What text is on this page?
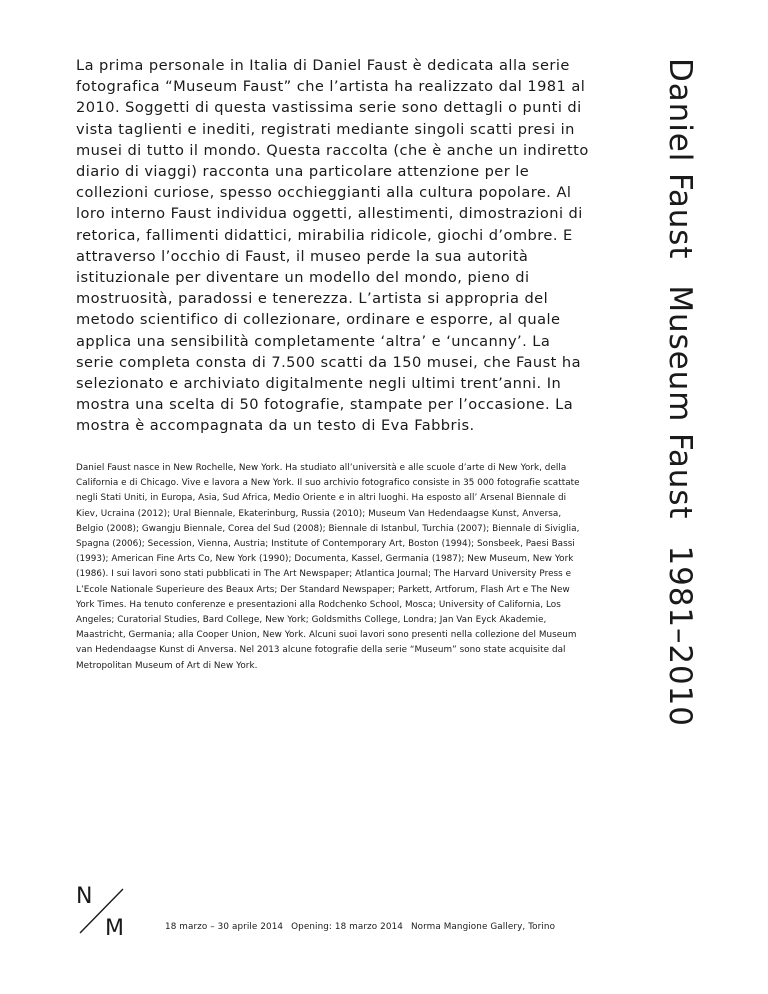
La prima personale in Italia di Daniel Faust è dedicata alla serie fotografica “Museum Faust” che l’artista ha realizzato dal 1981 al 2010. Soggetti di questa vastissima serie sono dettagli o punti di vista taglienti e inediti, registrati mediante singoli scatti presi in musei di tutto il mondo. Questa raccolta (che è anche un indiretto diario di viaggi) racconta una particolare attenzione per le collezioni curiose, spesso occhieggianti alla cultura popolare. Al loro interno Faust individua oggetti, allestimenti, dimostrazioni di retorica, fallimenti didattici, mirabilia ridicole, giochi d’ombre. E attraverso l’occhio di Faust, il museo perde la sua autorità istituzionale per diventare un modello del mondo, pieno di mostruosità, paradossi e tenerezza. L’artista si appropria del metodo scientifico di collezionare, ordinare e esporre, al quale applica una sensibilità completamente ‘altra’ e ‘uncanny’. La serie completa consta di 7.500 scatti da 150 musei, che Faust ha selezionato e archiviato digitalmente negli ultimi trent’anni. In mostra una scelta di 50 fotografie, stampate per l’occasione. La mostra è accompagnata da un testo di Eva Fabbris.

Daniel Faust nasce in New Rochelle, New York. Ha studiato all’università e alle scuole d’arte di New York, della California e di Chicago. Vive e lavora a New York. Il suo archivio fotografico consiste in 35 000 fotografie scattate negli Stati Uniti, in Europa, Asia, Sud Africa, Medio Oriente e in altri luoghi. Ha esposto all’ Arsenal Biennale di Kiev, Ucraina (2012); Ural Biennale, Ekaterinburg, Russia (2010); Museum Van Hedendaagse Kunst, Anversa, Belgio (2008); Gwangju Biennale, Corea del Sud (2008); Biennale di Istanbul, Turchia (2007); Biennale di Siviglia, Spagna (2006); Secession, Vienna, Austria; Institute of Contemporary Art, Boston (1994); Sonsbeek, Paesi Bassi (1993); American Fine Arts Co, New York (1990); Documenta, Kassel, Germania (1987); New Museum, New York (1986). I sui lavori sono stati pubblicati in The Art Newspaper; Atlantica Journal; The Harvard University Press e L’Ecole Nationale Superieure des Beaux Arts; Der Standard Newspaper; Parkett, Artforum, Flash Art e The New York Times. Ha tenuto conferenze e presentazioni alla Rodchenko School, Mosca; University of California, Los Angeles; Curatorial Studies, Bard College, New York; Goldsmiths College, Londra; Jan Van Eyck Akademie, Maastricht, Germania; alla Cooper Union, New York. Alcuni suoi lavori sono presenti nella collezione del Museum van Hedendaagse Kunst di Anversa. Nel 2013 alcune fotografie della serie “Museum” sono state acquisite dal Metropolitan Museum of Art di New York.

Daniel FaustMuseum Faust1981–2010
N
M	18 marzo – 30 aprile 2014 Opening: 18 marzo 2014 Norma Mangione Gallery, Torino
